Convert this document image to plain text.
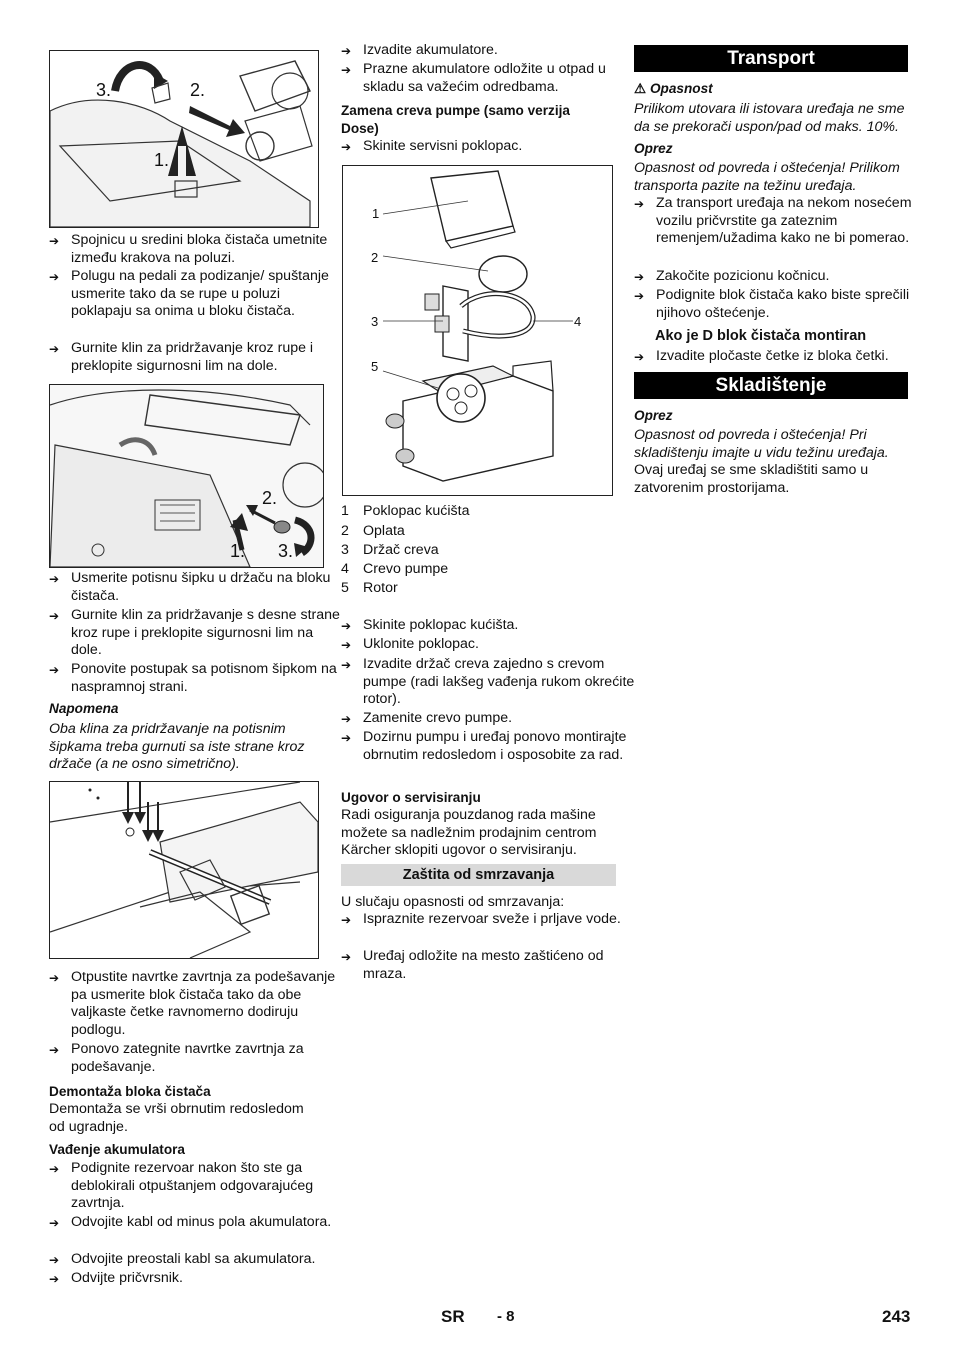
3.	2.
1.
➔ Spojnicu u sredini bloka čistača umetnite između krakova na poluzi.
➔ Polugu na pedali za podizanje/ spuštanje usmerite tako da se rupe u poluzi poklapaju sa onima u bloku čistača.
➔ Gurnite klin za pridržavanje kroz rupe i preklopite sigurnosni lim na dole.
2.
1. 3.
➔ Usmerite potisnu šipku u držaču na bloku čistača.
➔ Gurnite klin za pridržavanje s desne strane kroz rupe i preklopite sigurnosni lim na dole.
➔ Ponovite postupak sa potisnom šipkom na naspramnoj strani.
Napomena
Oba klina za pridržavanje na potisnim šipkama treba gurnuti sa iste strane kroz držače (a ne osno simetrično).
➔ Otpustite navrtke zavrtnja za podešavanje pa usmerite blok čistača tako da obe valjkaste četke ravnomerno dodiruju podlogu.
➔ Ponovo zategnite navrtke zavrtnja za podešavanje.
Demontaža bloka čistača
Demontaža se vrši obrnutim redosledom od ugradnje.
Vađenje akumulatora
➔ Podignite rezervoar nakon što ste ga deblokirali otpuštanjem odgovarajućeg zavrtnja.
➔ Odvojite kabl od minus pola akumulatora.
➔ Odvojite preostali kabl sa akumulatora.
➔ Odvijte pričvrsnik.
➔ Izvadite akumulatore.
➔ Prazne akumulatore odložite u otpad u skladu sa važećim odredbama.
Zamena creva pumpe (samo verzija Dose)
➔ Skinite servisni poklopac.
1
2
3	4
5
1 Poklopac kućišta
2 Oplata
3 Držač creva
4 Crevo pumpe
5 Rotor
➔ Skinite poklopac kućišta.
➔ Uklonite poklopac.
➔ Izvadite držač creva zajedno s crevom pumpe (radi lakšeg vađenja rukom okrećite rotor).
➔ Zamenite crevo pumpe.
➔ Dozirnu pumpu i uređaj ponovo montirajte obrnutim redosledom i osposobite za rad.
Ugovor o servisiranju
Radi osiguranja pouzdanog rada mašine možete sa nadležnim prodajnim centrom Kärcher sklopiti ugovor o servisiranju.
Zaštita od smrzavanja
U slučaju opasnosti od smrzavanja:
➔ Ispraznite rezervoar sveže i prljave vode.
➔ Uređaj odložite na mesto zaštićeno od mraza.
Transport
⚠ Opasnost
Prilikom utovara ili istovara uređaja ne sme da se prekorači uspon/pad od maks. 10%.
Oprez
Opasnost od povreda i oštećenja! Prilikom transporta pazite na težinu uređaja.
➔ Za transport uređaja na nekom nosećem vozilu pričvrstite ga zateznim remenjem/užadima kako ne bi pomerao.
➔ Zakočite pozicionu kočnicu.
➔ Podignite blok čistača kako biste sprečili njihovo oštećenje.
Ako je D blok čistača montiran
➔ Izvadite pločaste četke iz bloka četki.
Skladištenje
Oprez
Opasnost od povreda i oštećenja! Pri skladištenju imajte u vidu težinu uređaja.
Ovaj uređaj se sme skladištiti samo u zatvorenim prostorijama.
SR - 8	243
